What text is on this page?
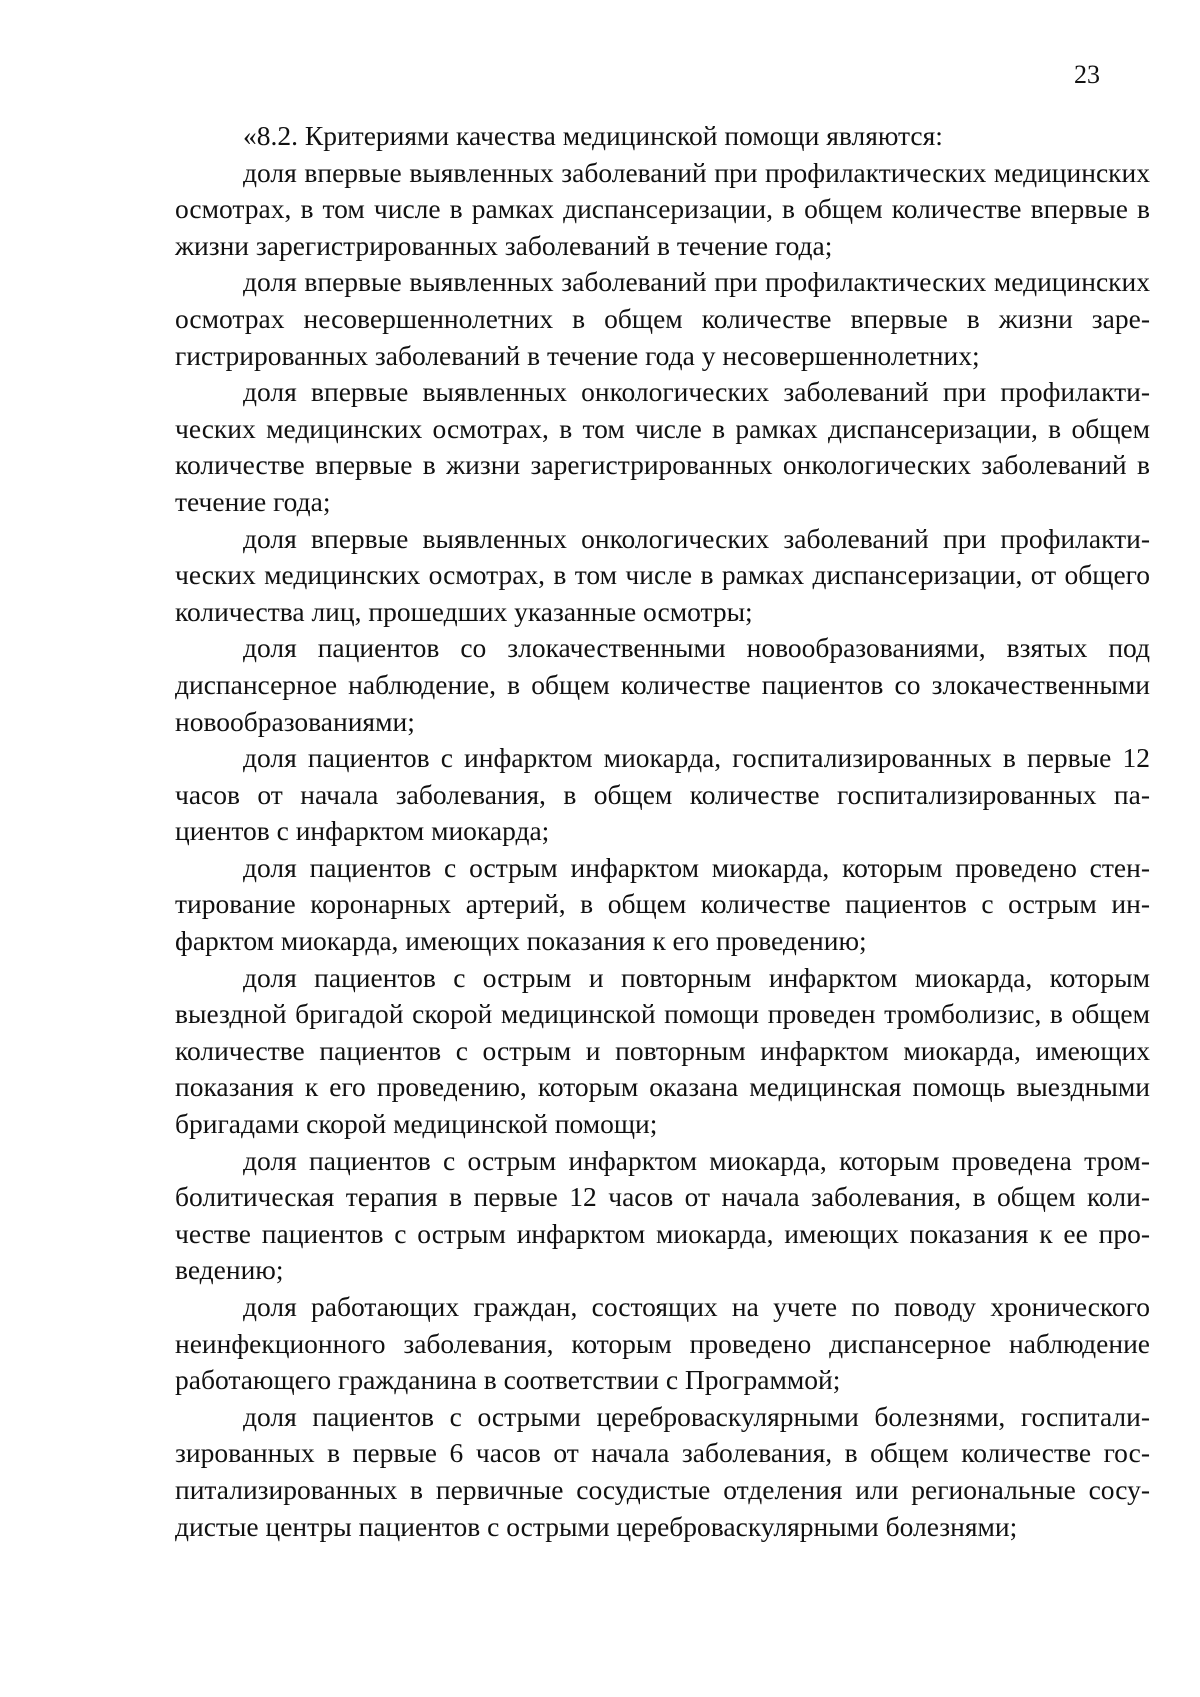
23

«8.2. Критериями качества медицинской помощи являются:

доля впервые выявленных заболеваний при профилактических медицинских осмотрах, в том числе в рамках диспансеризации, в общем количестве впервые в жизни зарегистрированных заболеваний в течение года;

доля впервые выявленных заболеваний при профилактических медицинских осмотрах несовершеннолетних в общем количестве впервые в жизни зарегистрированных заболеваний в течение года у несовершеннолетних;

доля впервые выявленных онкологических заболеваний при профилактических медицинских осмотрах, в том числе в рамках диспансеризации, в общем количестве впервые в жизни зарегистрированных онкологических заболеваний в течение года;

доля впервые выявленных онкологических заболеваний при профилактических медицинских осмотрах, в том числе в рамках диспансеризации, от общего количества лиц, прошедших указанные осмотры;

доля пациентов со злокачественными новообразованиями, взятых под диспансерное наблюдение, в общем количестве пациентов со злокачественными новообразованиями;

доля пациентов с инфарктом миокарда, госпитализированных в первые 12 часов от начала заболевания, в общем количестве госпитализированных пациентов с инфарктом миокарда;

доля пациентов с острым инфарктом миокарда, которым проведено стентирование коронарных артерий, в общем количестве пациентов с острым инфарктом миокарда, имеющих показания к его проведению;

доля пациентов с острым и повторным инфарктом миокарда, которым выездной бригадой скорой медицинской помощи проведен тромболизис, в общем количестве пациентов с острым и повторным инфарктом миокарда, имеющих показания к его проведению, которым оказана медицинская помощь выездными бригадами скорой медицинской помощи;

доля пациентов с острым инфарктом миокарда, которым проведена тромболитическая терапия в первые 12 часов от начала заболевания, в общем количестве пациентов с острым инфарктом миокарда, имеющих показания к ее проведению;

доля работающих граждан, состоящих на учете по поводу хронического неинфекционного заболевания, которым проведено диспансерное наблюдение работающего гражданина в соответствии с Программой;

доля пациентов с острыми цереброваскулярными болезнями, госпитализированных в первые 6 часов от начала заболевания, в общем количестве госпитализированных в первичные сосудистые отделения или региональные сосудистые центры пациентов с острыми цереброваскулярными болезнями;
